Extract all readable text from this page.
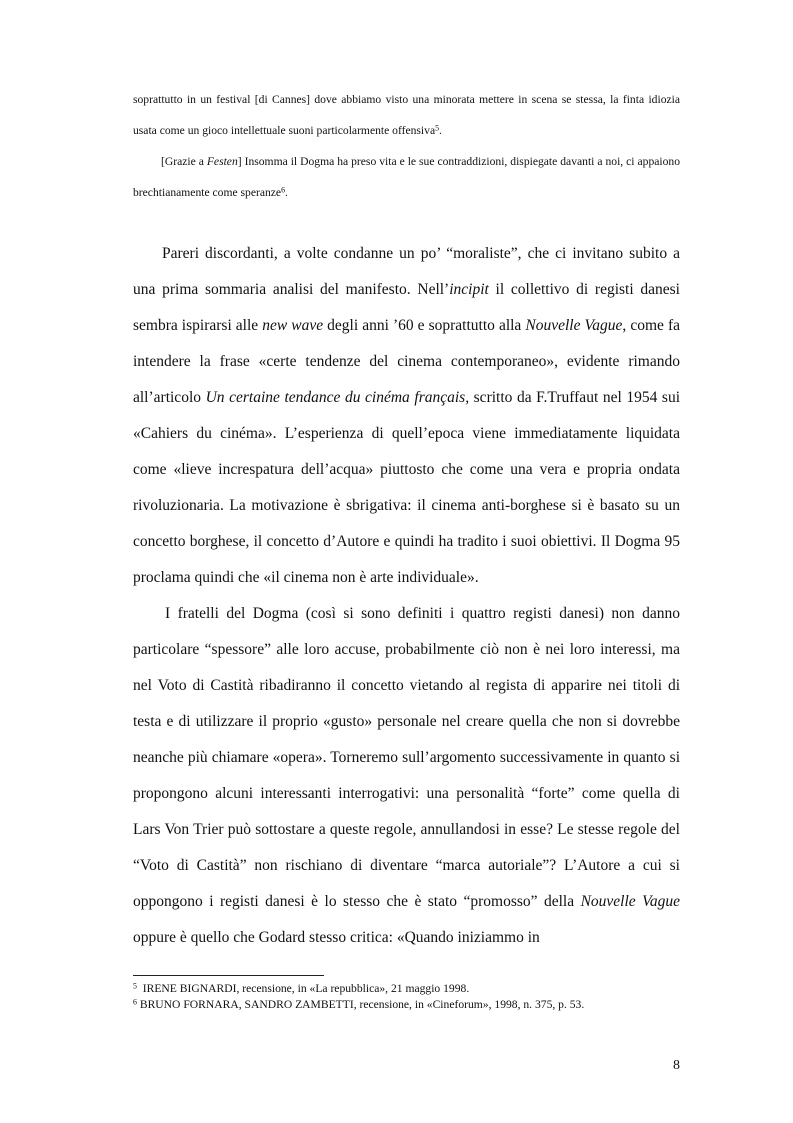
soprattutto in un festival [di Cannes] dove abbiamo visto una minorata mettere in scena se stessa, la finta idiozia usata come un gioco intellettuale suoni particolarmente offensiva$^5$.

[Grazie a Festen] Insomma il Dogma ha preso vita e le sue contraddizioni, dispiegate davanti a noi, ci appaiono brechtianamente come speranze$^6$.

Pareri discordanti, a volte condanne un po’ “moraliste”, che ci invitano subito a una prima sommaria analisi del manifesto. Nell’incipit il collettivo di registi danesi sembra ispirarsi alle new wave degli anni ’60 e soprattutto alla Nouvelle Vague, come fa intendere la frase «certe tendenze del cinema contemporaneo», evidente rimando all’articolo Un certaine tendance du cinéma français, scritto da F.Truffaut nel 1954 sui «Cahiers du cinéma». L’esperienza di quell’epoca viene immediatamente liquidata come «lieve increspatura dell’acqua» piuttosto che come una vera e propria ondata rivoluzionaria. La motivazione è sbrigativa: il cinema anti-borghese si è basato su un concetto borghese, il concetto d’Autore e quindi ha tradito i suoi obiettivi. Il Dogma 95 proclama quindi che «il cinema non è arte individuale».

I fratelli del Dogma (così si sono definiti i quattro registi danesi) non danno particolare “spessore” alle loro accuse, probabilmente ciò non è nei loro interessi, ma nel Voto di Castità ribadiranno il concetto vietando al regista di apparire nei titoli di testa e di utilizzare il proprio «gusto» personale nel creare quella che non si dovrebbe neanche più chiamare «opera». Torneremo sull’argomento successivamente in quanto si propongono alcuni interessanti interrogativi: una personalità “forte” come quella di Lars Von Trier può sottostare a queste regole, annullandosi in esse? Le stesse regole del “Voto di Castità” non rischiano di diventare “marca autoriale”? L’Autore a cui si oppongono i registi danesi è lo stesso che è stato “promosso” della Nouvelle Vague oppure è quello che Godard stesso critica: «Quando iniziammo in

$^5$  IRENE BIGNARDI, recensione, in «La repubblica», 21 maggio 1998.

$^6$ BRUNO FORNARA, SANDRO ZAMBETTI, recensione, in «Cineforum», 1998, n. 375, p. 53.

8
